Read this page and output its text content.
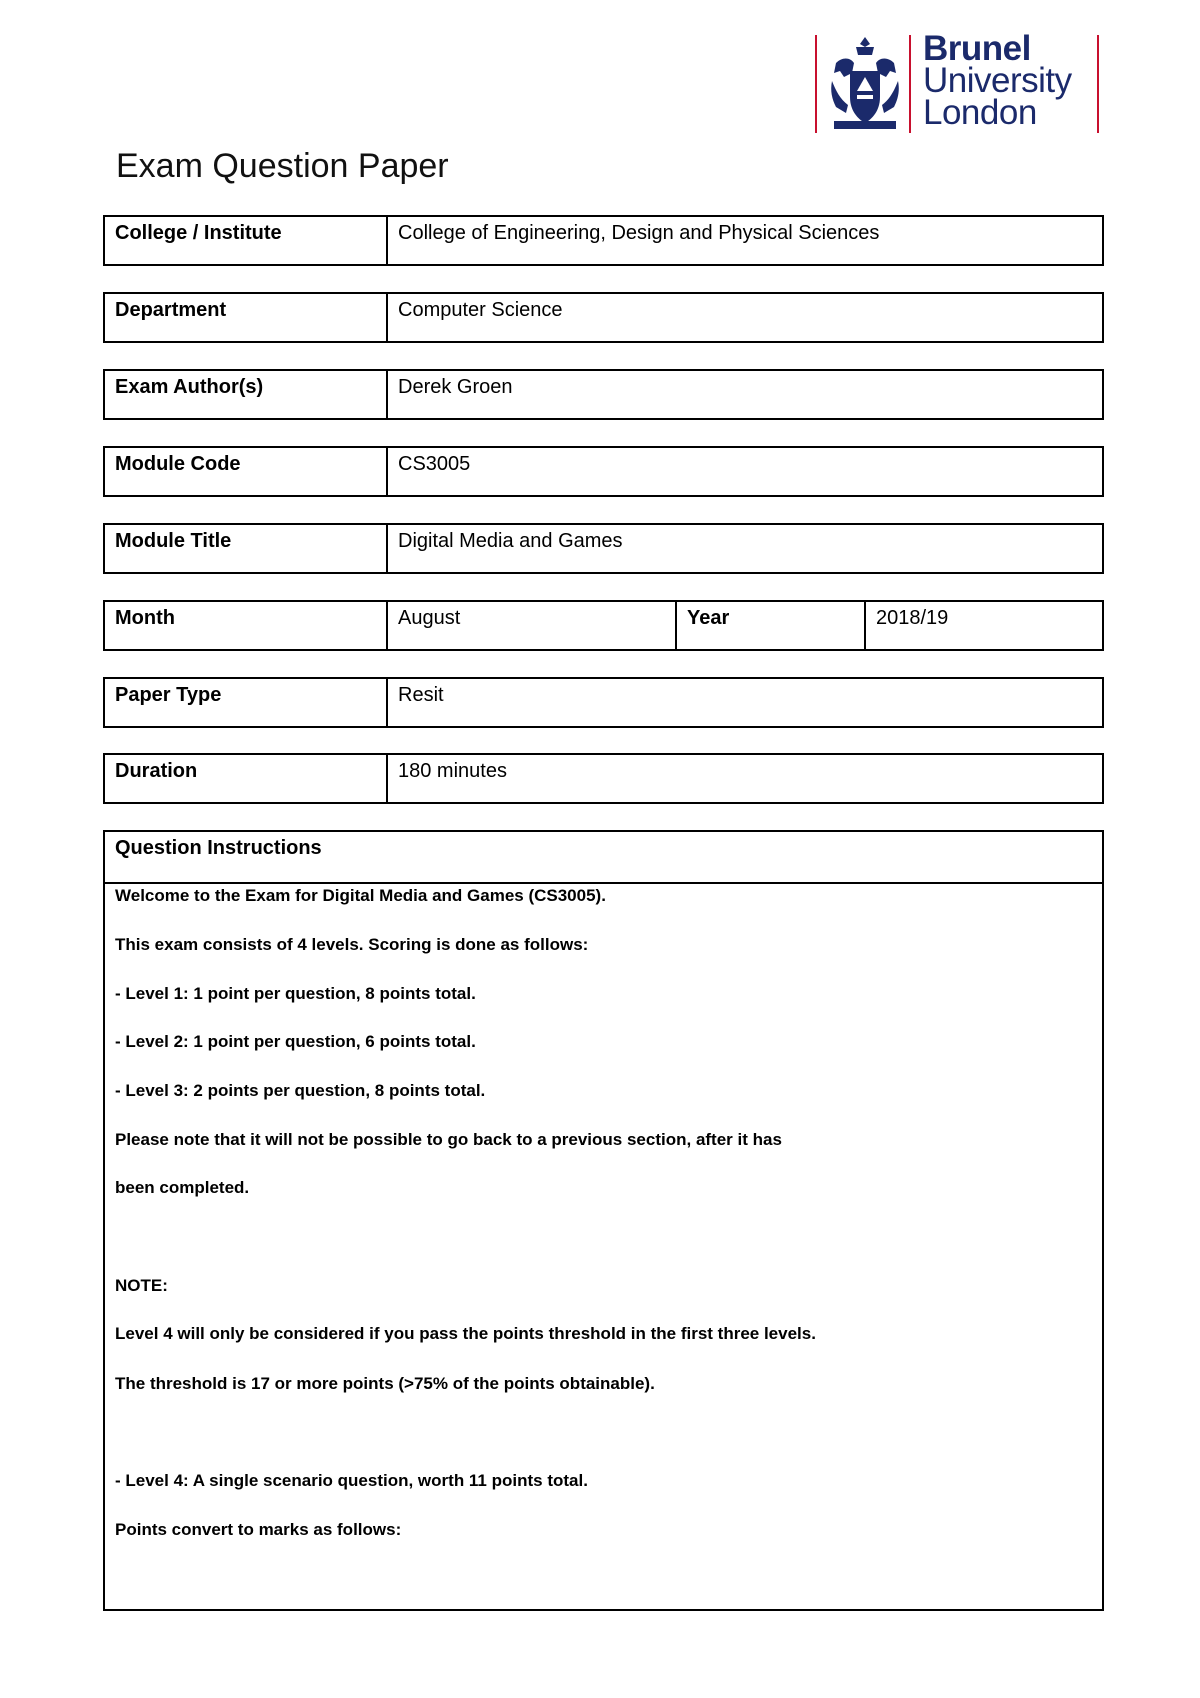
Brunel
University
London
Exam Question Paper
College / Institute	College of Engineering, Design and Physical Sciences
Department	Computer Science
Exam Author(s)	Derek Groen
Module Code	CS3005
Module Title	Digital Media and Games
Month	August	Year	2018/19
Paper Type	Resit
Duration	180 minutes
Question Instructions
Welcome to the Exam for Digital Media and Games (CS3005).
This exam consists of 4 levels. Scoring is done as follows:
- Level 1: 1 point per question, 8 points total.
- Level 2: 1 point per question, 6 points total.
- Level 3: 2 points per question, 8 points total.
Please note that it will not be possible to go back to a previous section, after it has
been completed.
NOTE:
Level 4 will only be considered if you pass the points threshold in the first three levels.
The threshold is 17 or more points (>75% of the points obtainable).
- Level 4: A single scenario question, worth 11 points total.
Points convert to marks as follows:
